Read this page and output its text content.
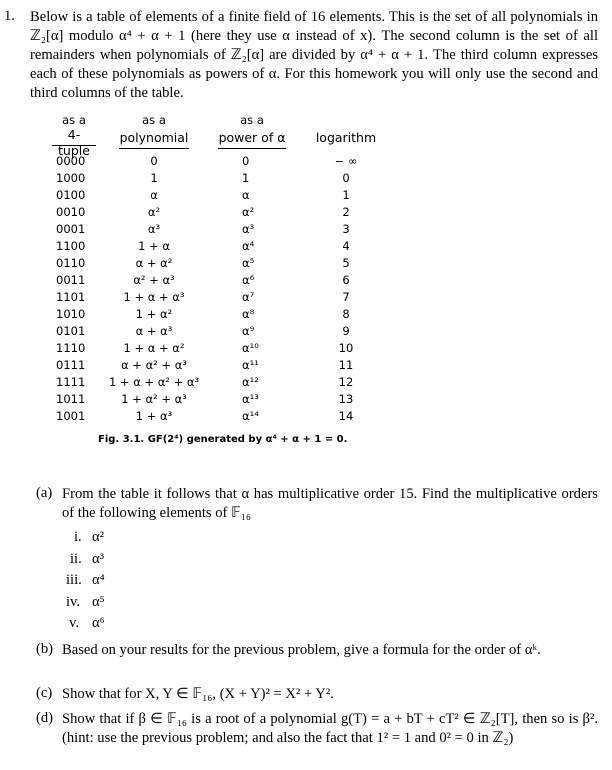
1. Below is a table of elements of a finite field of 16 elements. This is the set of all polynomials in ℤ₂[α] modulo α⁴ + α + 1 (here they use α instead of x). The second column is the set of all remainders when polynomials of ℤ₂[α] are divided by α⁴ + α + 1. The third column expresses each of these polynomials as powers of α. For this homework you will only use the second and third columns of the table.
as a
4-tuple
0000
1000
0100
0010
0001
1100
0110
0011
1101
1010
0101
1110
0111
1111
1011
1001
as a
polynomial
0
1
α
α²
α³
1 + α
α + α²
α² + α³
1 + α + α³
1 + α²
α + α³
1 + α + α²
α + α² + α³
1 + α + α² + α³
1 + α² + α³
1 + α³
as a
power of α
0
1
α
α²
α³
α⁴
α⁵
α⁶
α⁷
α⁸
α⁹
α¹⁰
α¹¹
α¹²
α¹³
α¹⁴
logarithm
− ∞
0
1
2
3
4
5
6
7
8
9
10
11
12
13
14
Fig. 3.1. GF(2⁴) generated by α⁴ + α + 1 = 0.
(a) From the table it follows that α has multiplicative order 15. Find the multiplicative orders of the following elements of 𝔽₁₆
i. α²
ii. α³
iii. α⁴
iv. α⁵
v. α⁶
(b) Based on your results for the previous problem, give a formula for the order of αᵏ.
(c) Show that for X, Y ∈ 𝔽₁₆, (X + Y)² = X² + Y².
(d) Show that if β ∈ 𝔽₁₆ is a root of a polynomial g(T) = a + bT + cT² ∈ ℤ₂[T], then so is β². (hint: use the previous problem; and also the fact that 1² = 1 and 0² = 0 in ℤ₂)
